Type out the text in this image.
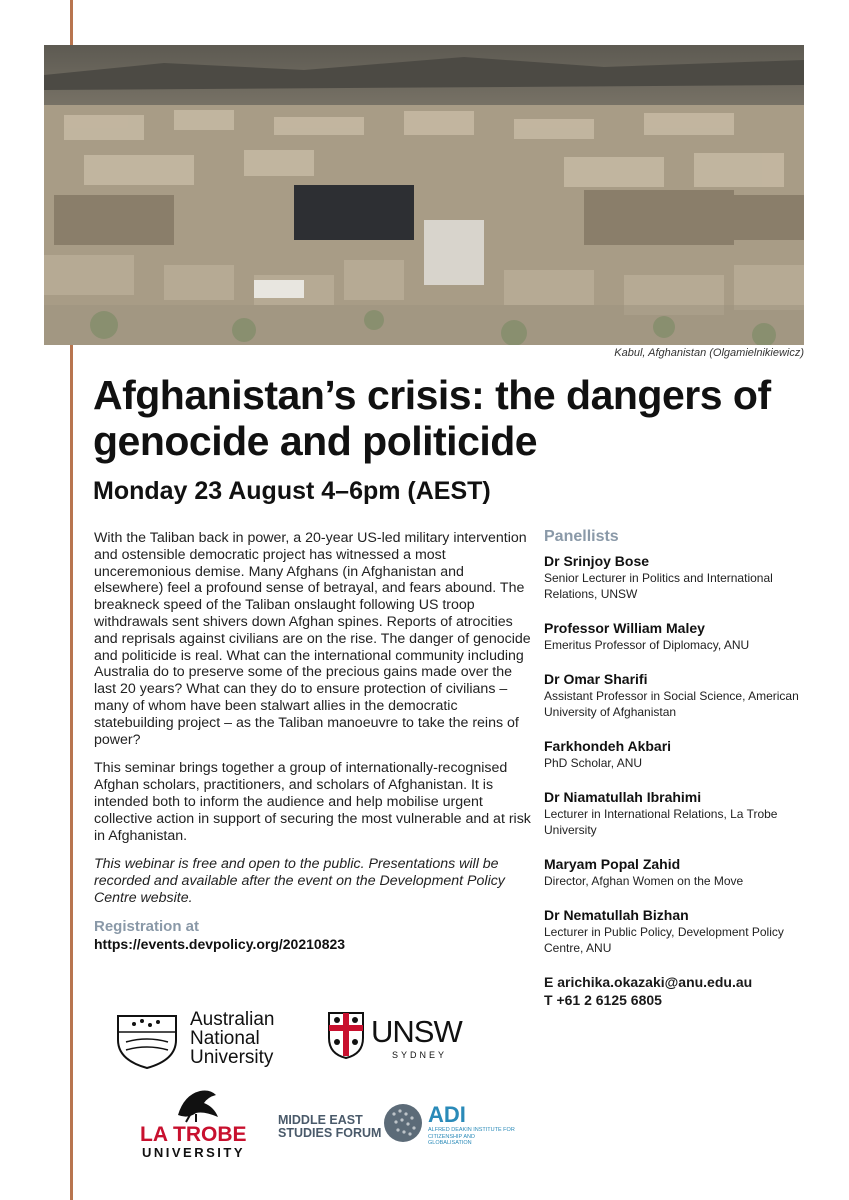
Kabul, Afghanistan (Olgamielnikiewicz)
Afghanistan’s crisis: the dangers of genocide and politicide
Monday 23 August 4–6pm (AEST)

With the Taliban back in power, a 20-year US-led military intervention and ostensible democratic project has witnessed a most unceremonious demise. Many Afghans (in Afghanistan and elsewhere) feel a profound sense of betrayal, and fears abound. The breakneck speed of the Taliban onslaught following US troop withdrawals sent shivers down Afghan spines. Reports of atrocities and reprisals against civilians are on the rise. The danger of genocide and politicide is real. What can the international community including Australia do to preserve some of the precious gains made over the last 20 years? What can they do to ensure protection of civilians – many of whom have been stalwart allies in the democratic statebuilding project – as the Taliban manoeuvre to take the reins of power?

This seminar brings together a group of internationally-recognised Afghan scholars, practitioners, and scholars of Afghanistan. It is intended both to inform the audience and help mobilise urgent collective action in support of securing the most vulnerable and at risk in Afghanistan.

This webinar is free and open to the public. Presentations will be recorded and available after the event on the Development Policy Centre website.

Registration at
https://events.devpolicy.org/20210823
Panellists
Dr Srinjoy Bose
Senior Lecturer in Politics and International Relations, UNSW
Professor William Maley
Emeritus Professor of Diplomacy, ANU
Dr Omar Sharifi
Assistant Professor in Social Science, American University of Afghanistan
Farkhondeh Akbari
PhD Scholar, ANU
Dr Niamatullah Ibrahimi
Lecturer in International Relations, La Trobe University
Maryam Popal Zahid
Director, Afghan Women on the Move
Dr Nematullah Bizhan
Lecturer in Public Policy, Development Policy Centre, ANU
E arichika.okazaki@anu.edu.au
T +61 2 6125 6805
Australian National University
UNSW
SYDNEY
LA TROBE
UNIVERSITY
MIDDLE EAST STUDIES FORUM
ADI
ALFRED DEAKIN INSTITUTE FOR CITIZENSHIP AND GLOBALISATION
